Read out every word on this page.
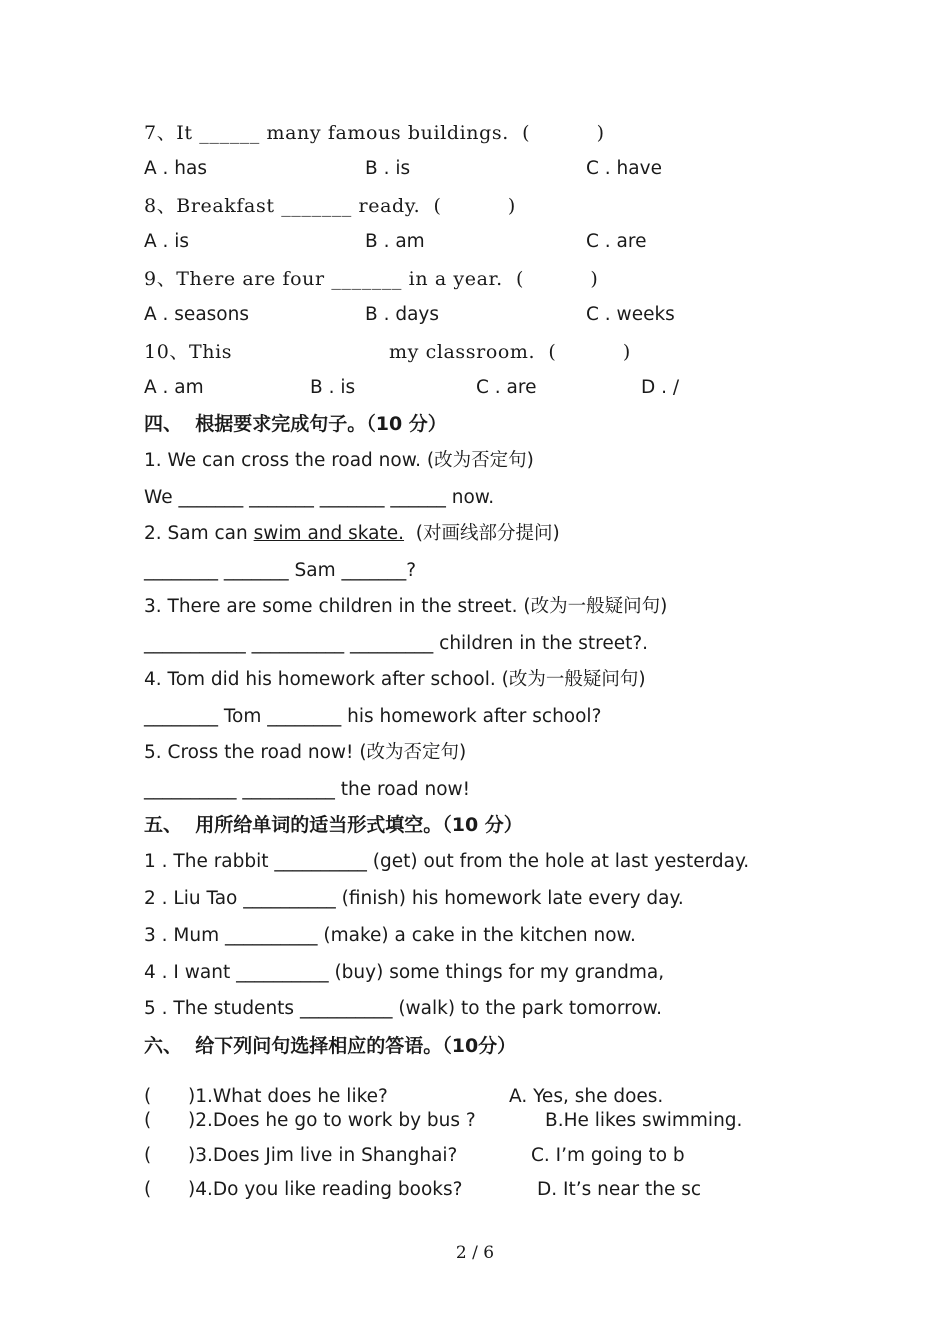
7、It ______ many famous buildings.  (          )
A . has	B . is	C . have
8、Breakfast _______ ready.  (          )
A . is	B . am	C . are
9、There are four _______ in a year.  (          )
A . seasons	B . days	C . weeks
10、This	my classroom.  (          )
A . am	B . is	C . are	D . /
四、  根据要求完成句子。（10 分）
1. We can cross the road now. (改为否定句)
We _______ _______ _______ ______ now.
2. Sam can swim and skate.  (对画线部分提问)
________ _______ Sam _______?
3. There are some children in the street. (改为一般疑问句)
___________ __________ _________ children in the street?.
4. Tom did his homework after school. (改为一般疑问句)
________ Tom ________ his homework after school?
5. Cross the road now! (改为否定句)
__________ __________ the road now!
五、  用所给单词的适当形式填空。（10 分）
1 . The rabbit __________ (get) out from the hole at last yesterday.
2 . Liu Tao __________ (finish) his homework late every day.
3 . Mum __________ (make) a cake in the kitchen now.
4 . I want __________ (buy) some things for my grandma,
5 . The students __________ (walk) to the park tomorrow.
六、  给下列问句选择相应的答语。（10分）
( )1.What does he like?	A. Yes, she does.
( )2.Does he go to work by bus ?	B.He likes swimming.
( )3.Does Jim live in Shanghai?	C. I’m going to b
( )4.Do you like reading books?	D. It’s near the sc
2 / 6
